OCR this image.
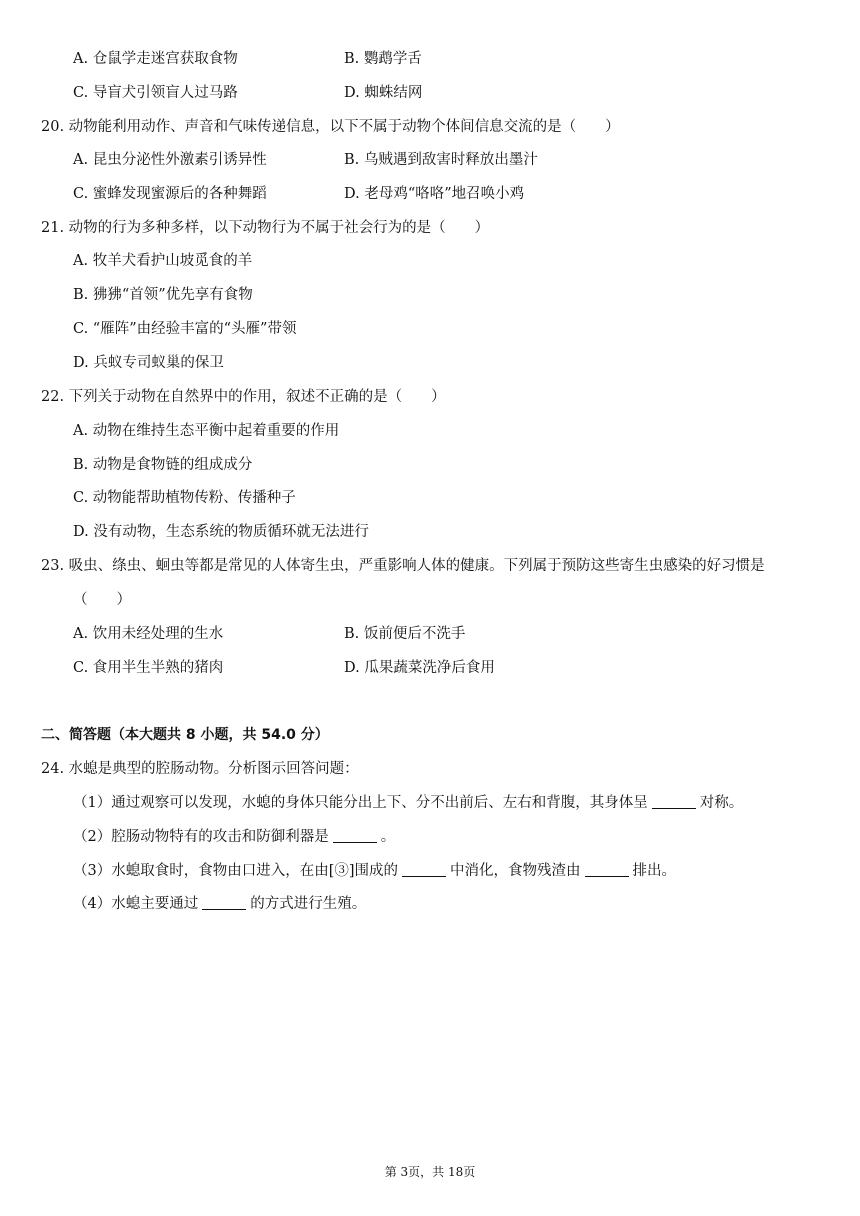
A. 仓鼠学走迷宫获取食物	B. 鹦鹉学舌
C. 导盲犬引领盲人过马路	D. 蜘蛛结网
20. 动物能利用动作、声音和气味传递信息，以下不属于动物个体间信息交流的是（　　）
A. 昆虫分泌性外激素引诱异性	B. 乌贼遇到敌害时释放出墨汁
C. 蜜蜂发现蜜源后的各种舞蹈	D. 老母鸡“咯咯”地召唤小鸡
21. 动物的行为多种多样，以下动物行为不属于社会行为的是（　　）
A. 牧羊犬看护山坡觅食的羊
B. 狒狒“首领”优先享有食物
C. “雁阵”由经验丰富的“头雁”带领
D. 兵蚁专司蚁巢的保卫
22. 下列关于动物在自然界中的作用，叙述不正确的是（　　）
A. 动物在维持生态平衡中起着重要的作用
B. 动物是食物链的组成成分
C. 动物能帮助植物传粉、传播种子
D. 没有动物，生态系统的物质循环就无法进行
23. 吸虫、绦虫、蛔虫等都是常见的人体寄生虫，严重影响人体的健康。下列属于预防这些寄生虫感染的好习惯是
（　　）
A. 饮用未经处理的生水	B. 饭前便后不洗手
C. 食用半生半熟的猪肉	D. 瓜果蔬菜洗净后食用
二、简答题（本大题共 8 小题，共 54.0 分）
24. 水螅是典型的腔肠动物。分析图示回答问题：
（1）通过观察可以发现，水螅的身体只能分出上下、分不出前后、左右和背腹，其身体呈	对称。
（2）腔肠动物特有的攻击和防御利器是	。
（3）水螅取食时，食物由口进入，在由[③]围成的	中消化，食物残渣由	排出。
（4）水螅主要通过	的方式进行生殖。
第 3页，共 18页
